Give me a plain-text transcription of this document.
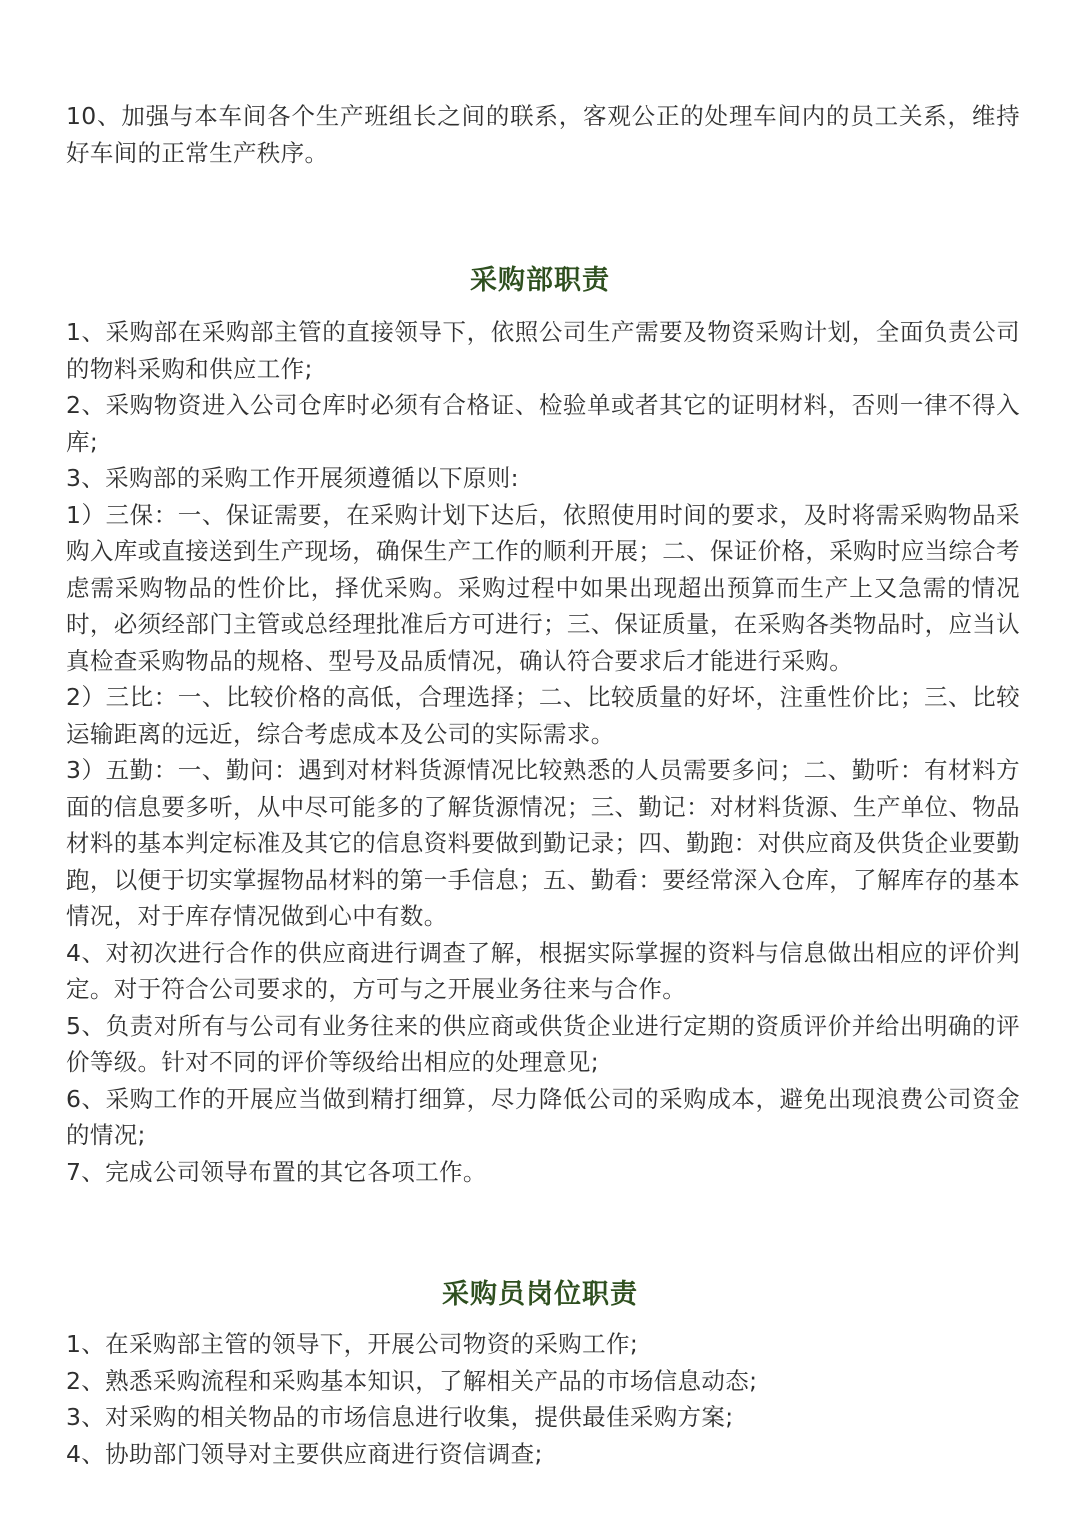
10、加强与本车间各个生产班组长之间的联系，客观公正的处理车间内的员工关系，维持好车间的正常生产秩序。

采购部职责

1、采购部在采购部主管的直接领导下，依照公司生产需要及物资采购计划，全面负责公司的物料采购和供应工作;

2、采购物资进入公司仓库时必须有合格证、检验单或者其它的证明材料，否则一律不得入库;

3、采购部的采购工作开展须遵循以下原则:

1）三保：一、保证需要，在采购计划下达后，依照使用时间的要求，及时将需采购物品采购入库或直接送到生产现场，确保生产工作的顺利开展；二、保证价格，采购时应当综合考虑需采购物品的性价比，择优采购。采购过程中如果出现超出预算而生产上又急需的情况时，必须经部门主管或总经理批准后方可进行；三、保证质量，在采购各类物品时，应当认真检查采购物品的规格、型号及品质情况，确认符合要求后才能进行采购。

2）三比：一、比较价格的高低，合理选择；二、比较质量的好坏，注重性价比；三、比较运输距离的远近，综合考虑成本及公司的实际需求。

3）五勤：一、勤问：遇到对材料货源情况比较熟悉的人员需要多问；二、勤听：有材料方面的信息要多听，从中尽可能多的了解货源情况；三、勤记：对材料货源、生产单位、物品材料的基本判定标准及其它的信息资料要做到勤记录；四、勤跑：对供应商及供货企业要勤跑，以便于切实掌握物品材料的第一手信息；五、勤看：要经常深入仓库，了解库存的基本情况，对于库存情况做到心中有数。

4、对初次进行合作的供应商进行调查了解，根据实际掌握的资料与信息做出相应的评价判定。对于符合公司要求的，方可与之开展业务往来与合作。

5、负责对所有与公司有业务往来的供应商或供货企业进行定期的资质评价并给出明确的评价等级。针对不同的评价等级给出相应的处理意见;

6、采购工作的开展应当做到精打细算，尽力降低公司的采购成本，避免出现浪费公司资金的情况;

7、完成公司领导布置的其它各项工作。

采购员岗位职责

1、在采购部主管的领导下，开展公司物资的采购工作;

2、熟悉采购流程和采购基本知识，了解相关产品的市场信息动态;

3、对采购的相关物品的市场信息进行收集，提供最佳采购方案;

4、协助部门领导对主要供应商进行资信调查;
